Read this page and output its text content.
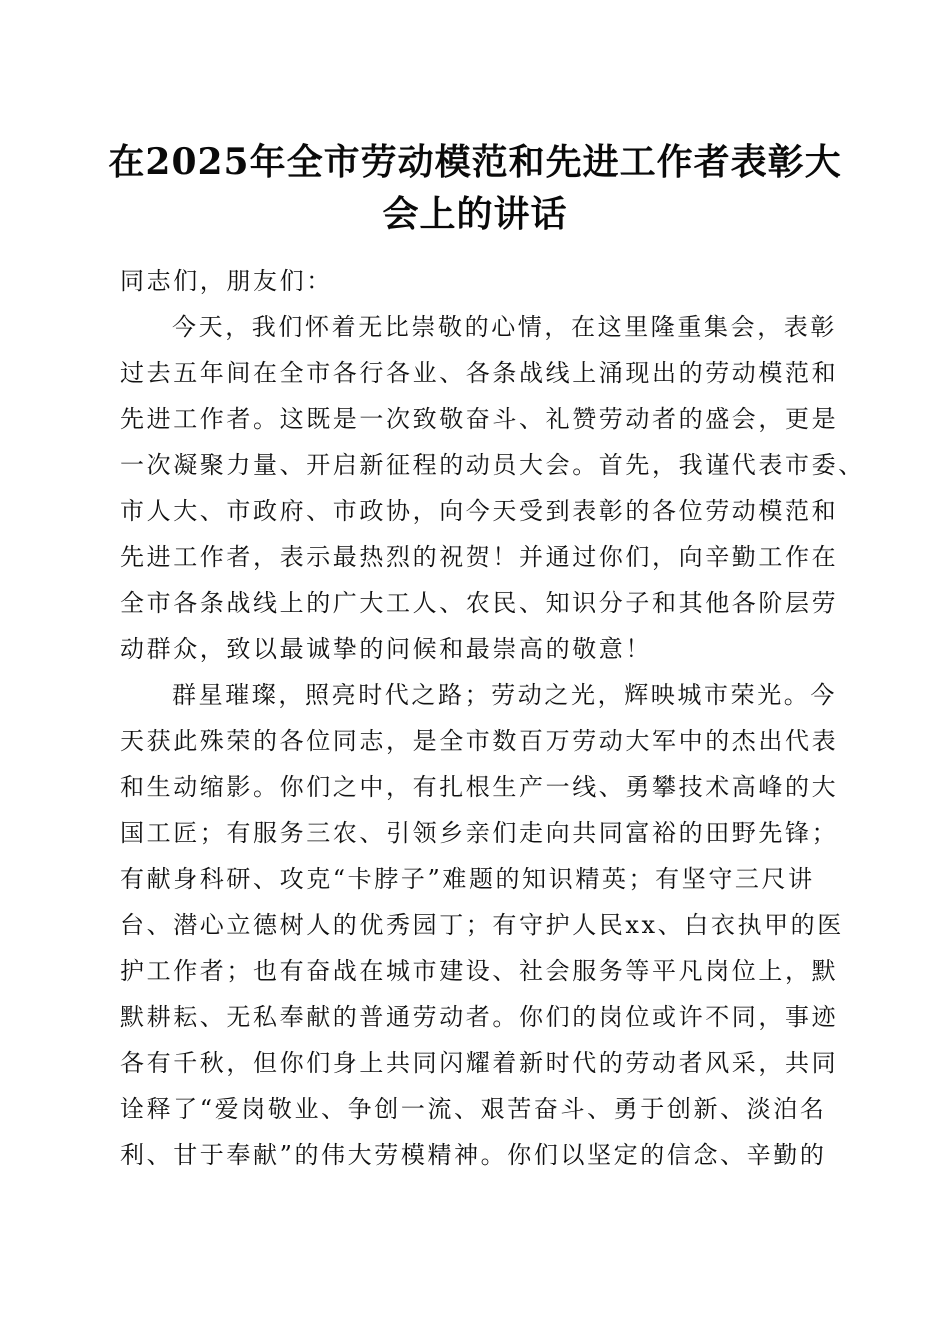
在2025年全市劳动模范和先进工作者表彰大
会上的讲话
同志们，朋友们：
今天，我们怀着无比崇敬的心情，在这里隆重集会，表彰
过去五年间在全市各行各业、各条战线上涌现出的劳动模范和
先进工作者。这既是一次致敬奋斗、礼赞劳动者的盛会，更是
一次凝聚力量、开启新征程的动员大会。首先，我谨代表市委、
市人大、市政府、市政协，向今天受到表彰的各位劳动模范和
先进工作者，表示最热烈的祝贺！并通过你们，向辛勤工作在
全市各条战线上的广大工人、农民、知识分子和其他各阶层劳
动群众，致以最诚挚的问候和最崇高的敬意！
群星璀璨，照亮时代之路；劳动之光，辉映城市荣光。今
天获此殊荣的各位同志，是全市数百万劳动大军中的杰出代表
和生动缩影。你们之中，有扎根生产一线、勇攀技术高峰的大
国工匠；有服务三农、引领乡亲们走向共同富裕的田野先锋；
有献身科研、攻克“卡脖子”难题的知识精英；有坚守三尺讲
台、潜心立德树人的优秀园丁；有守护人民xx、白衣执甲的医
护工作者；也有奋战在城市建设、社会服务等平凡岗位上，默
默耕耘、无私奉献的普通劳动者。你们的岗位或许不同，事迹
各有千秋，但你们身上共同闪耀着新时代的劳动者风采，共同
诠释了“爱岗敬业、争创一流、艰苦奋斗、勇于创新、淡泊名
利、甘于奉献”的伟大劳模精神。你们以坚定的信念、辛勤的
